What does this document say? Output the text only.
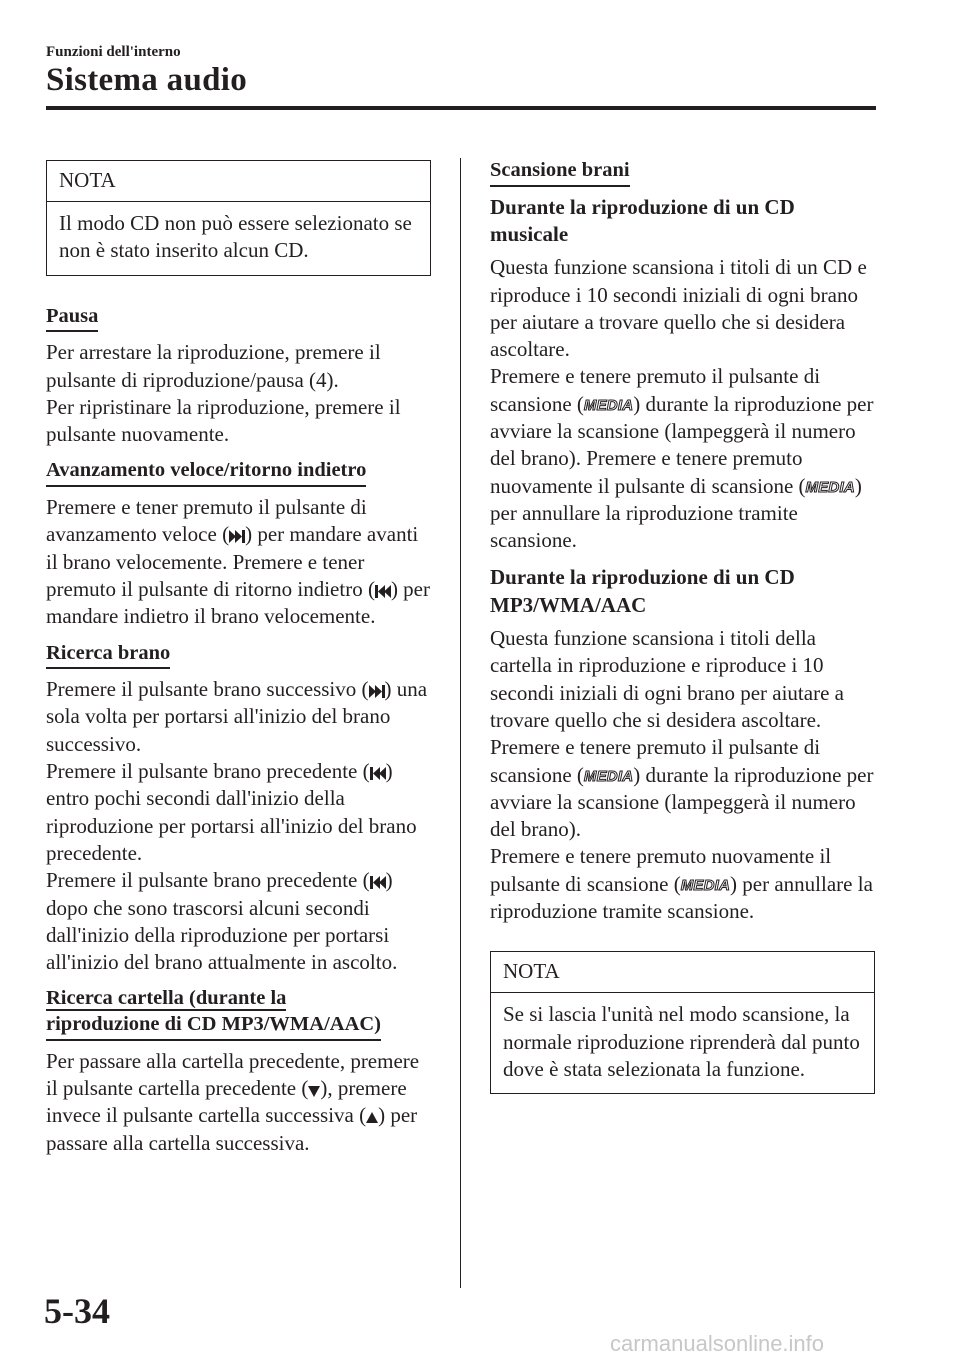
Funzioni dell'interno
Sistema audio
NOTA
Il modo CD non può essere selezionato se non è stato inserito alcun CD.
Pausa
Per arrestare la riproduzione, premere il pulsante di riproduzione/pausa (4).
Per ripristinare la riproduzione, premere il pulsante nuovamente.
Avanzamento veloce/ritorno indietro
Premere e tener premuto il pulsante di avanzamento veloce ( ) per mandare avanti il brano velocemente. Premere e tener premuto il pulsante di ritorno indietro ( ) per mandare indietro il brano velocemente.
Ricerca brano
Premere il pulsante brano successivo ( ) una sola volta per portarsi all'inizio del brano successivo.
Premere il pulsante brano precedente ( ) entro pochi secondi dall'inizio della riproduzione per portarsi all'inizio del brano precedente.
Premere il pulsante brano precedente ( ) dopo che sono trascorsi alcuni secondi dall'inizio della riproduzione per portarsi all'inizio del brano attualmente in ascolto.
Ricerca cartella (durante la
riproduzione di CD MP3/WMA/AAC)
Per passare alla cartella precedente, premere il pulsante cartella precedente ( ), premere invece il pulsante cartella successiva ( ) per passare alla cartella successiva.
Scansione brani
Durante la riproduzione di un CD musicale
Questa funzione scansiona i titoli di un CD e riproduce i 10 secondi iniziali di ogni brano per aiutare a trovare quello che si desidera ascoltare.
Premere e tenere premuto il pulsante di scansione (MEDIA) durante la riproduzione per avviare la scansione (lampeggerà il numero del brano). Premere e tenere premuto nuovamente il pulsante di scansione (MEDIA) per annullare la riproduzione tramite scansione.
Durante la riproduzione di un CD
MP3/WMA/AAC
Questa funzione scansiona i titoli della cartella in riproduzione e riproduce i 10 secondi iniziali di ogni brano per aiutare a trovare quello che si desidera ascoltare.
Premere e tenere premuto il pulsante di scansione (MEDIA) durante la riproduzione per avviare la scansione (lampeggerà il numero del brano).
Premere e tenere premuto nuovamente il pulsante di scansione (MEDIA) per annullare la riproduzione tramite scansione.
NOTA
Se si lascia l'unità nel modo scansione, la normale riproduzione riprenderà dal punto dove è stata selezionata la funzione.
5-34
carmanualsonline.info
